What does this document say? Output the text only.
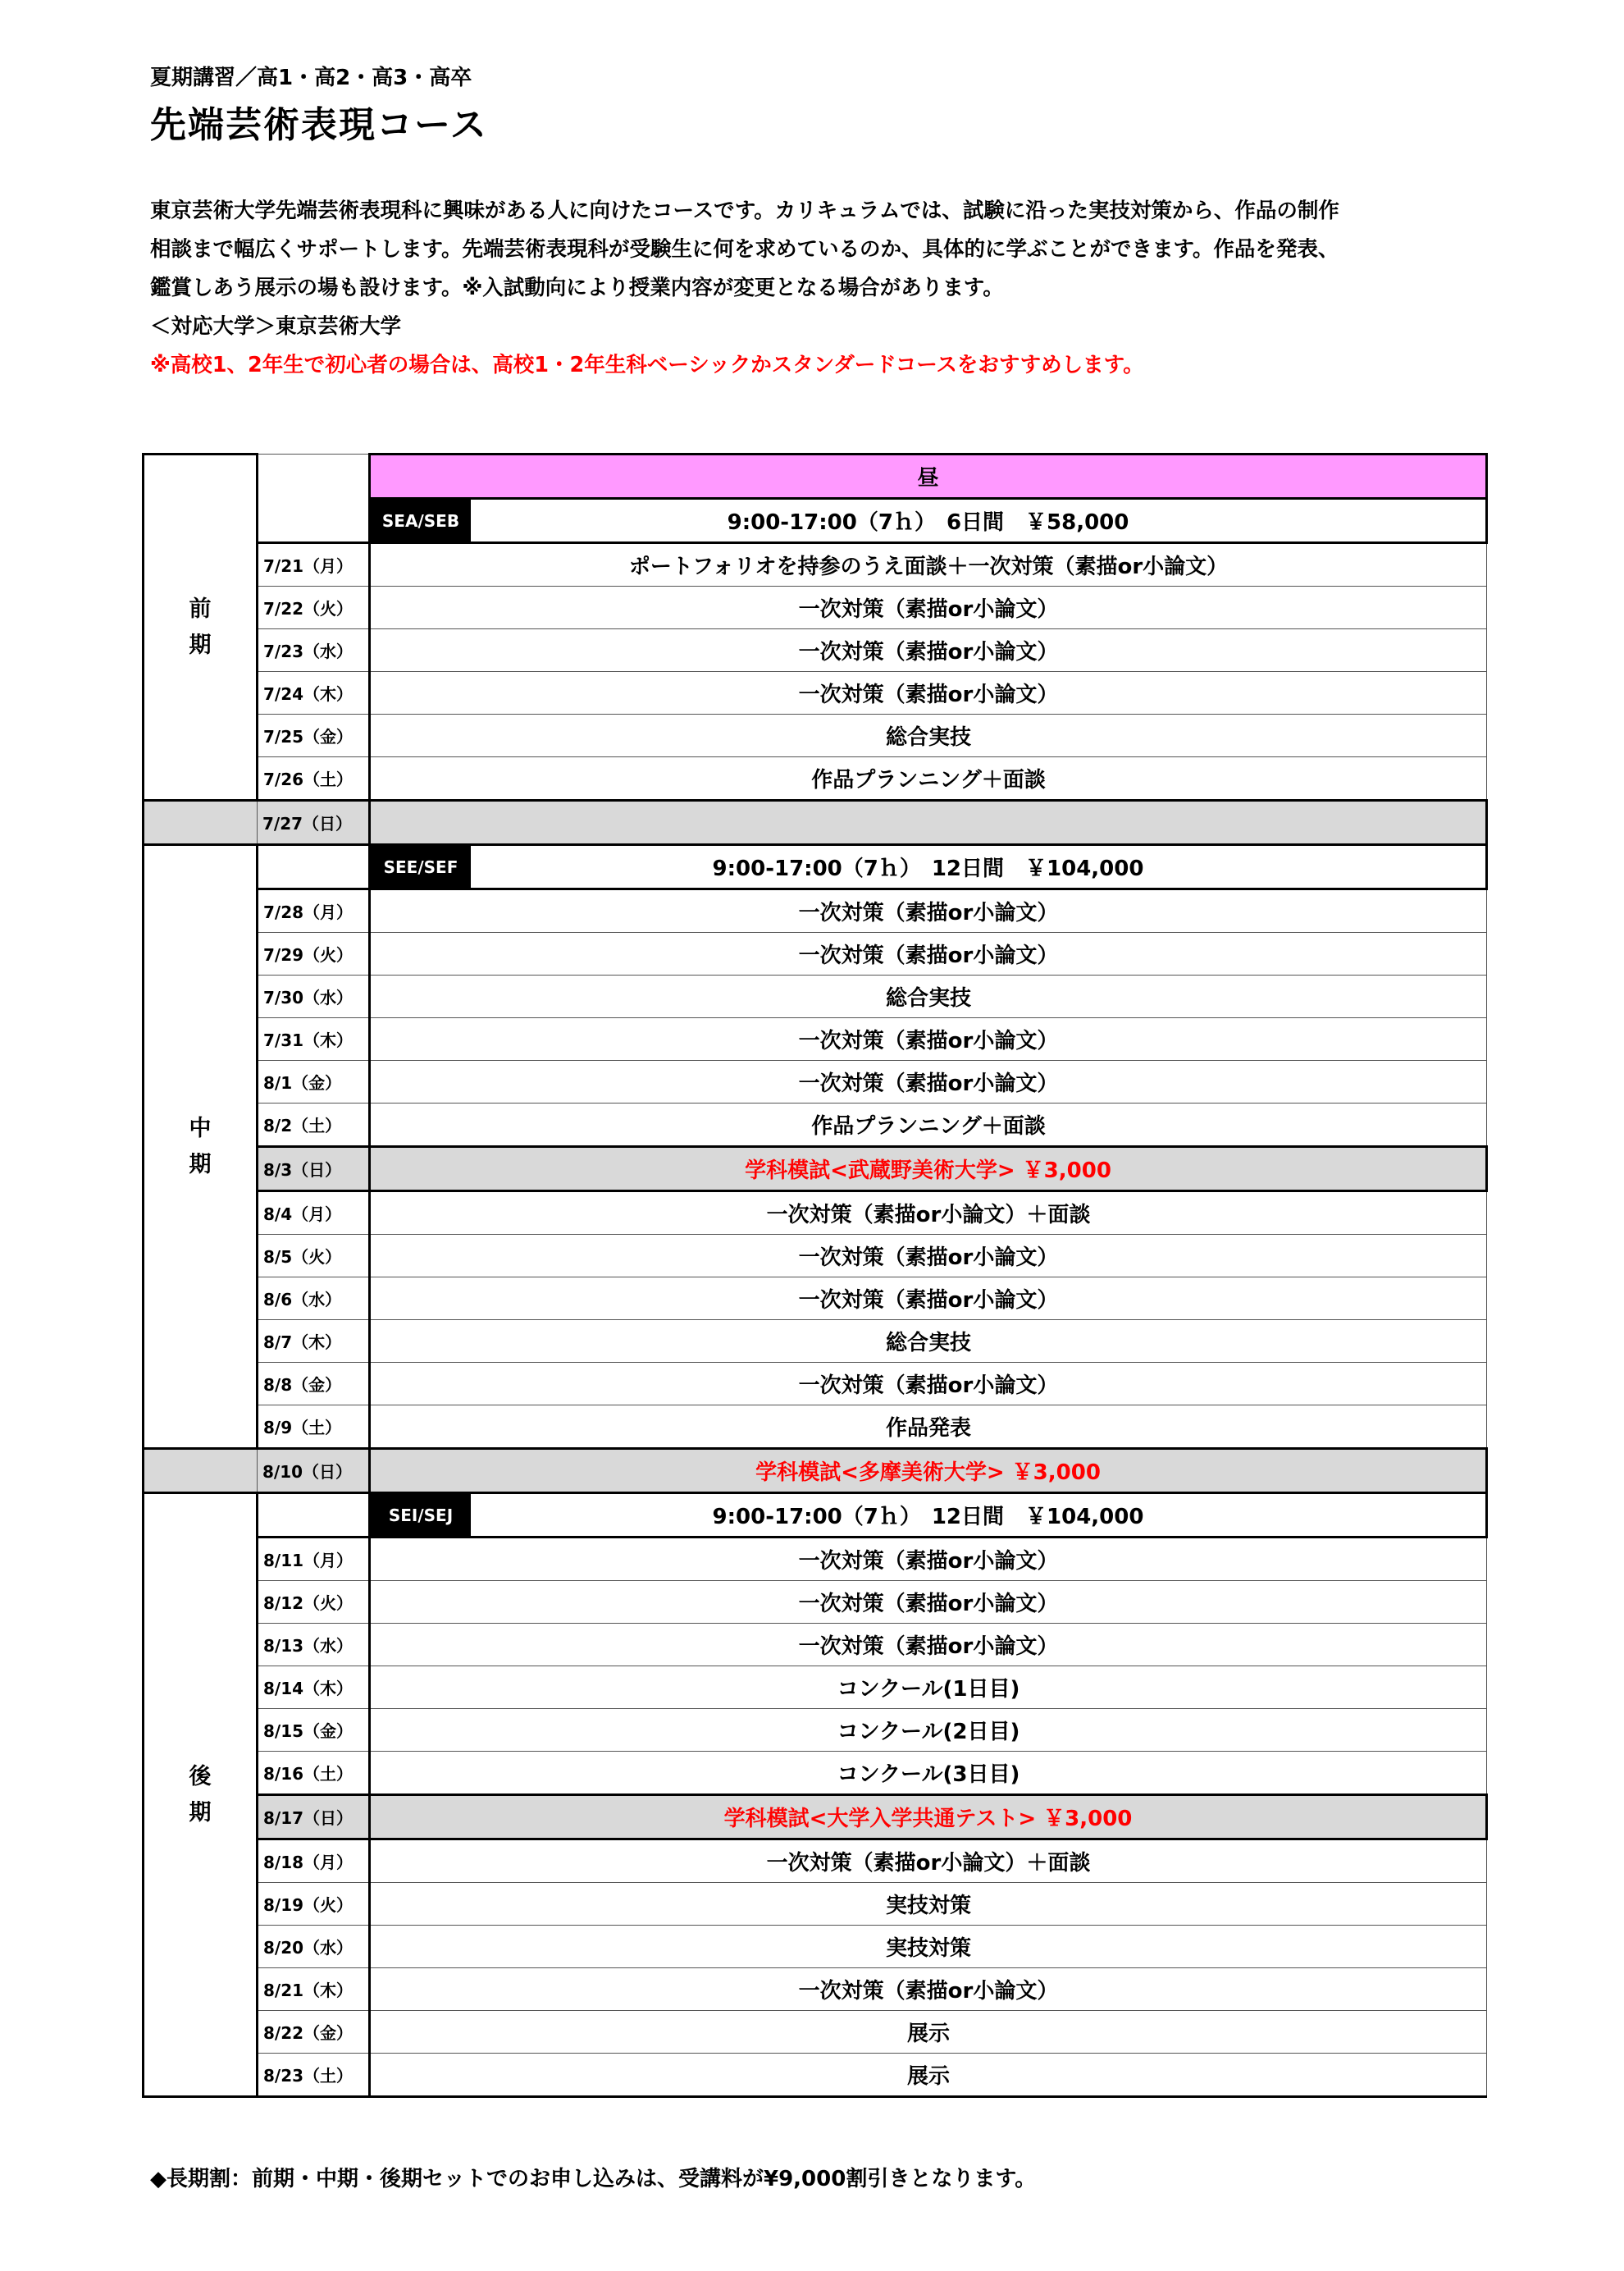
夏期講習／高1・高2・高3・高卒
先端芸術表現コース

東京芸術大学先端芸術表現科に興味がある人に向けたコースです。カリキュラムでは、試験に沿った実技対策から、作品の制作

相談まで幅広くサポートします。先端芸術表現科が受験生に何を求めているのか、具体的に学ぶことができます。作品を発表、

鑑賞しあう展示の場も設けます。※入試動向により授業内容が変更となる場合があります。

＜対応大学＞東京芸術大学

※高校1、2年生で初心者の場合は、高校1・2年生科ベーシックかスタンダードコースをおすすめします。

前
期		昼

SEA/SEB 9:00-17:00（7ｈ）　6日間　￥58,000
	7/21（月）	ポートフォリオを持参のうえ面談＋一次対策（素描or小論文）
	7/22（火）	一次対策（素描or小論文）
	7/23（水）	一次対策（素描or小論文）
	7/24（木）	一次対策（素描or小論文）
	7/25（金）	総合実技
	7/26（土）	作品プランニング＋面談
	7/27（日）	
中
期		SEE/SEF 9:00-17:00（7ｈ）　12日間　￥104,000
	7/28（月）	一次対策（素描or小論文）
	7/29（火）	一次対策（素描or小論文）
	7/30（水）	総合実技
	7/31（木）	一次対策（素描or小論文）
	8/1（金）	一次対策（素描or小論文）
	8/2（土）	作品プランニング＋面談
	8/3（日）	学科模試<武蔵野美術大学> ￥3,000
	8/4（月）	一次対策（素描or小論文）＋面談
	8/5（火）	一次対策（素描or小論文）
	8/6（水）	一次対策（素描or小論文）
	8/7（木）	総合実技
	8/8（金）	一次対策（素描or小論文）
	8/9（土）	作品発表
	8/10（日）	学科模試<多摩美術大学> ￥3,000
後
期		SEI/SEJ 9:00-17:00（7ｈ）　12日間　￥104,000
	8/11（月）	一次対策（素描or小論文）
	8/12（火）	一次対策（素描or小論文）
	8/13（水）	一次対策（素描or小論文）
	8/14（木）	コンクール(1日目)
	8/15（金）	コンクール(2日目)
	8/16（土）	コンクール(3日目)
	8/17（日）	学科模試<大学入学共通テスト> ￥3,000
	8/18（月）	一次対策（素描or小論文）＋面談
	8/19（火）	実技対策
	8/20（水）	実技対策
	8/21（木）	一次対策（素描or小論文）
	8/22（金）	展示
	8/23（土）	展示
◆長期割：前期・中期・後期セットでのお申し込みは、受講料が¥9,000割引きとなります。
